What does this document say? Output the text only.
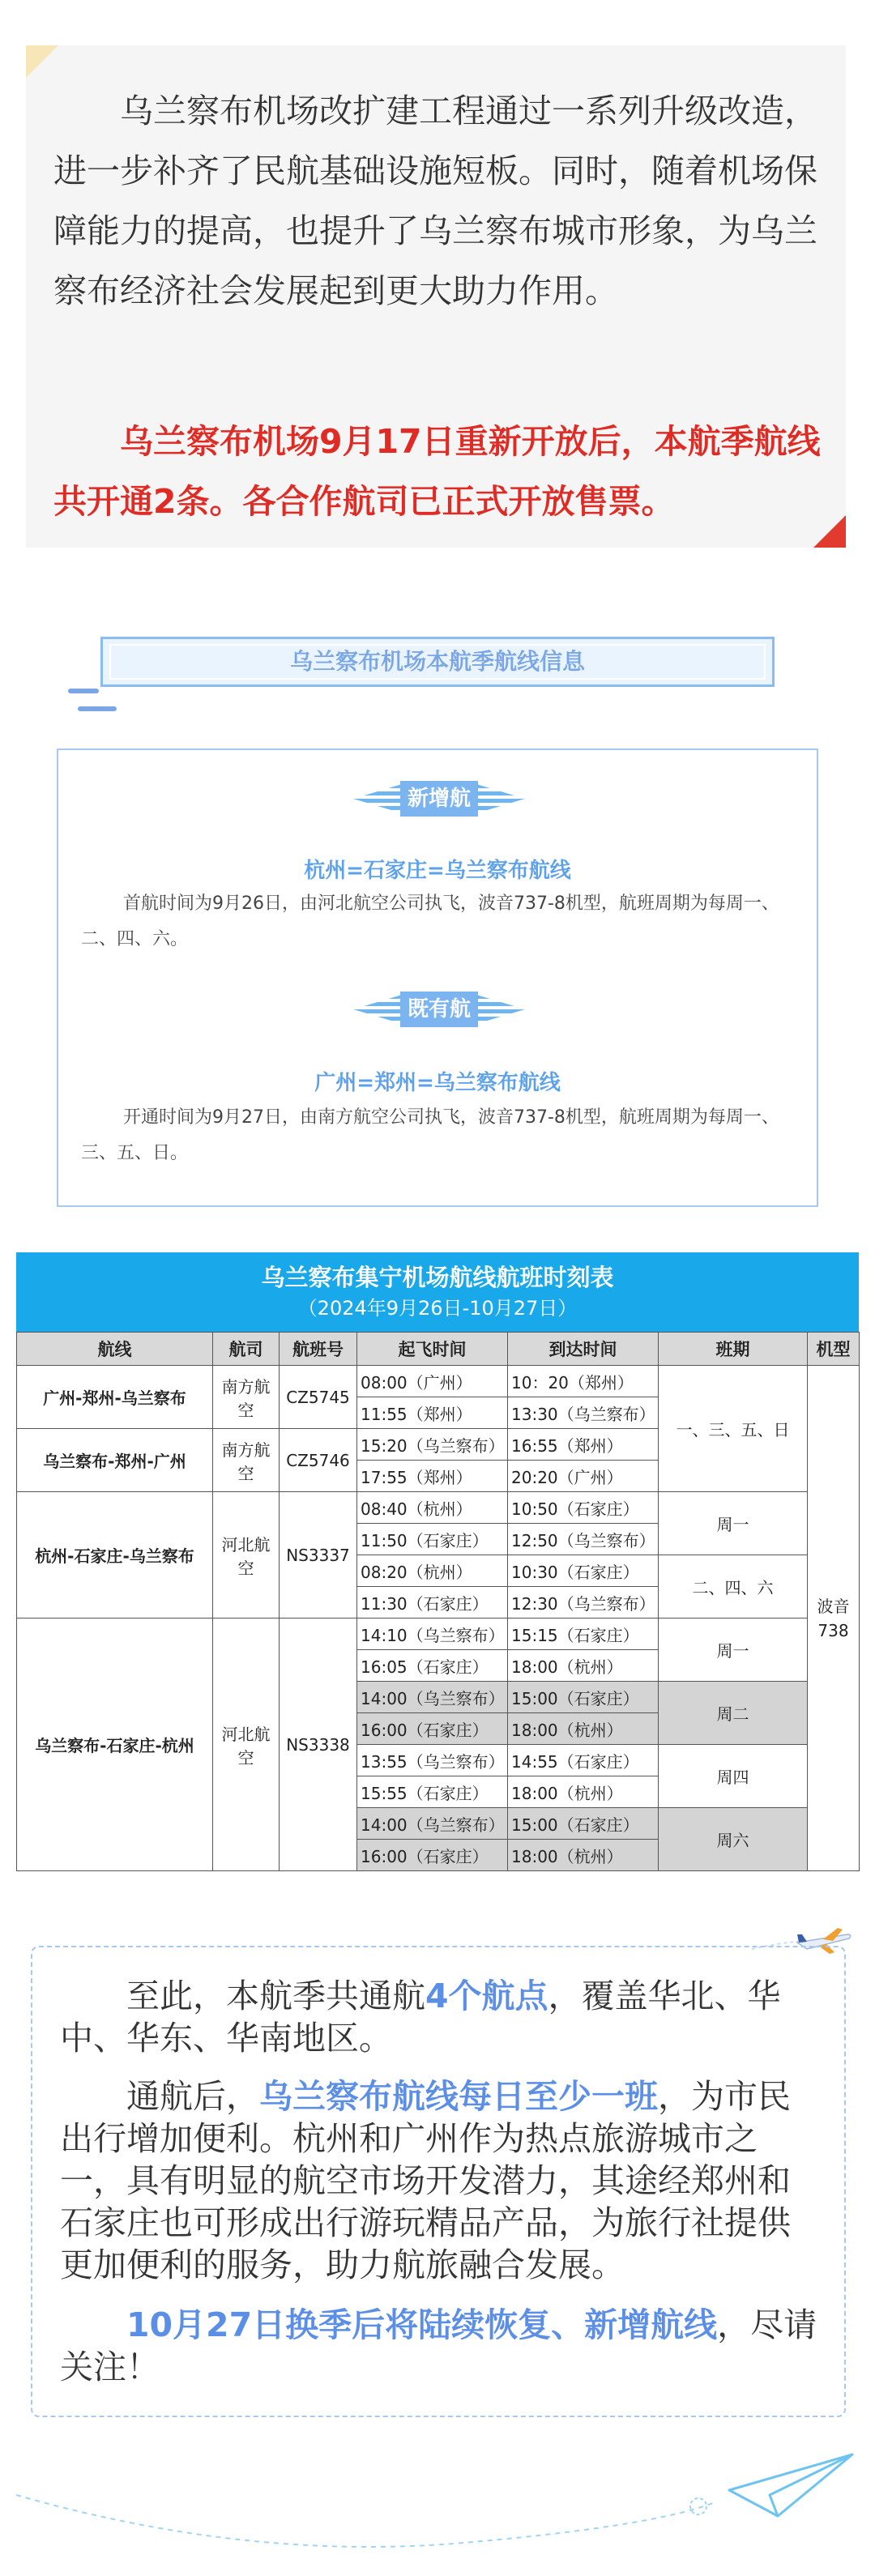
乌兰察布机场改扩建工程通过一系列升级改造，进一步补齐了民航基础设施短板。同时，随着机场保障能力的提高，也提升了乌兰察布城市形象，为乌兰察布经济社会发展起到更大助力作用。

乌兰察布机场9月17日重新开放后，本航季航线共开通2条。各合作航司已正式开放售票。

乌兰察布机场本航季航线信息
新增航线
杭州=石家庄=乌兰察布航线

首航时间为9月26日，由河北航空公司执飞，波音737-8机型，航班周期为每周一、二、四、六。

既有航线
广州=郑州=乌兰察布航线

开通时间为9月27日，由南方航空公司执飞，波音737-8机型，航班周期为每周一、三、五、日。

乌兰察布集宁机场航线航班时刻表
（2024年9月26日-10月27日）
航线	航司	航班号	起飞时间	到达时间	班期	机型
广州-郑州-乌兰察布	南方航空	CZ5745	08:00（广州）	10：20（郑州）	一、三、五、日	波音738
			11:55（郑州）	13:30（乌兰察布）		
乌兰察布-郑州-广州	南方航空	CZ5746	15:20（乌兰察布）	16:55（郑州）		
			17:55（郑州）	20:20（广州）		
杭州-石家庄-乌兰察布	河北航空	NS3337	08:40（杭州）	10:50（石家庄）	周一	
			11:50（石家庄）	12:50（乌兰察布）		
			08:20（杭州）	10:30（石家庄）	二、四、六	
			11:30（石家庄）	12:30（乌兰察布）		
乌兰察布-石家庄-杭州	河北航空	NS3338	14:10（乌兰察布）	15:15（石家庄）	周一	
			16:05（石家庄）	18:00（杭州）		
			14:00（乌兰察布）	15:00（石家庄）	周二	
			16:00（石家庄）	18:00（杭州）		
			13:55（乌兰察布）	14:55（石家庄）	周四	
			15:55（石家庄）	18:00（杭州）		
			14:00（乌兰察布）	15:00（石家庄）	周六	
			16:00（石家庄）	18:00（杭州）		

至此，本航季共通航4个航点，覆盖华北、华中、华东、华南地区。

通航后，乌兰察布航线每日至少一班，为市民出行增加便利。杭州和广州作为热点旅游城市之一，具有明显的航空市场开发潜力，其途经郑州和石家庄也可形成出行游玩精品产品，为旅行社提供更加便利的服务，助力航旅融合发展。

10月27日换季后将陆续恢复、新增航线，尽请关注！
